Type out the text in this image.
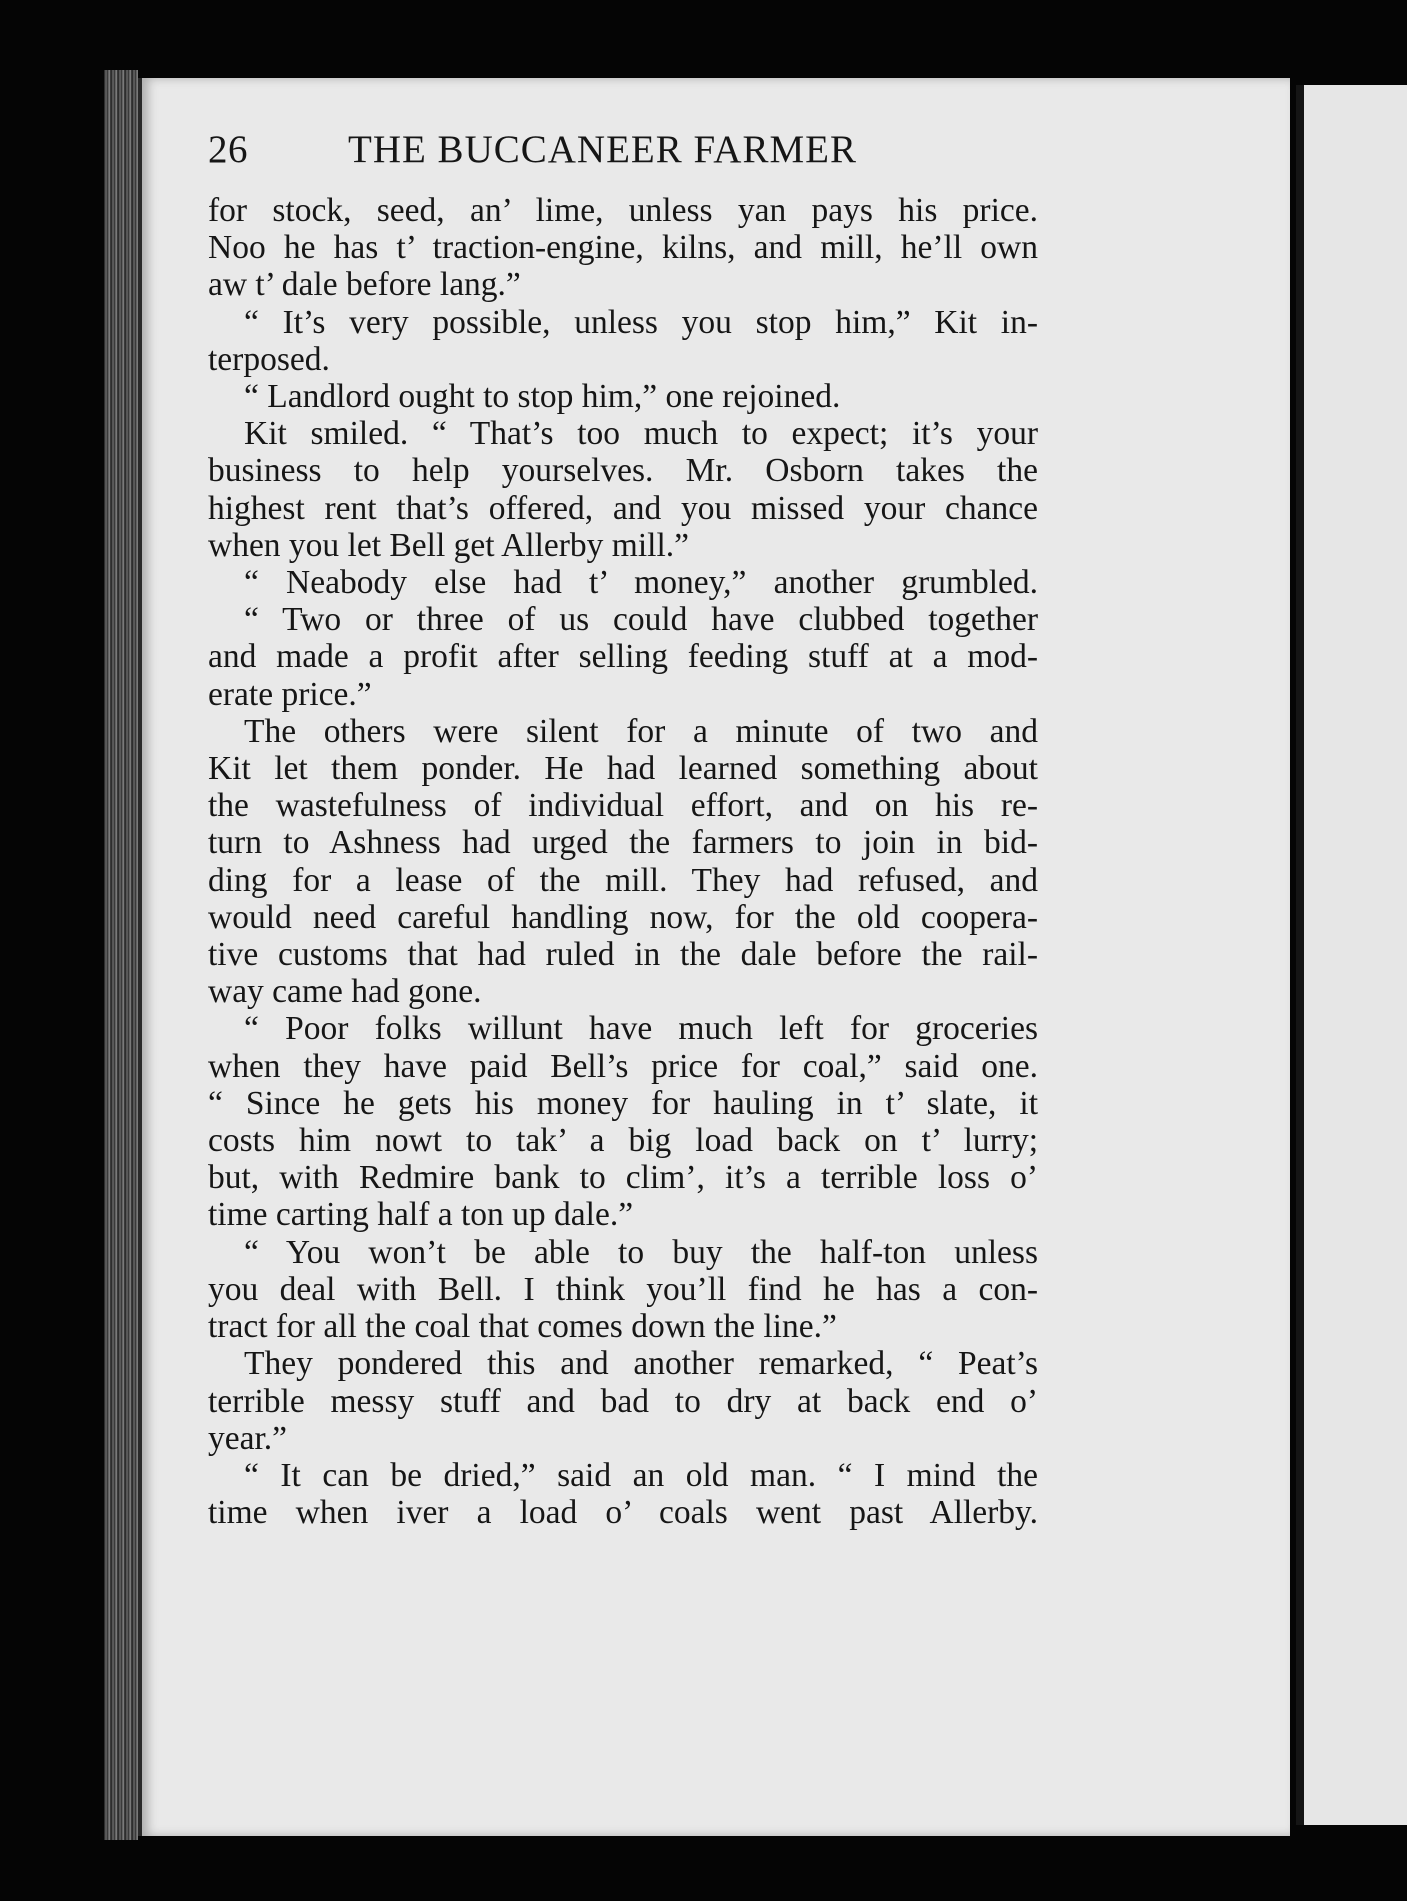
26	THE BUCCANEER FARMER
for stock, seed, an’ lime, unless yan pays his price.
Noo he has t’ traction-engine, kilns, and mill, he’ll own
aw t’ dale before lang.”
“ It’s very possible, unless you stop him,” Kit in-
terposed.
“ Landlord ought to stop him,” one rejoined.
Kit smiled. “ That’s too much to expect; it’s your
business to help yourselves. Mr. Osborn takes the
highest rent that’s offered, and you missed your chance
when you let Bell get Allerby mill.”
“ Neabody else had t’ money,” another grumbled.
“ Two or three of us could have clubbed together
and made a profit after selling feeding stuff at a mod-
erate price.”
The others were silent for a minute of two and
Kit let them ponder. He had learned something about
the wastefulness of individual effort, and on his re-
turn to Ashness had urged the farmers to join in bid-
ding for a lease of the mill. They had refused, and
would need careful handling now, for the old coopera-
tive customs that had ruled in the dale before the rail-
way came had gone.
“ Poor folks willunt have much left for groceries
when they have paid Bell’s price for coal,” said one.
“ Since he gets his money for hauling in t’ slate, it
costs him nowt to tak’ a big load back on t’ lurry;
but, with Redmire bank to clim’, it’s a terrible loss o’
time carting half a ton up dale.”
“ You won’t be able to buy the half-ton unless
you deal with Bell. I think you’ll find he has a con-
tract for all the coal that comes down the line.”
They pondered this and another remarked, “ Peat’s
terrible messy stuff and bad to dry at back end o’
year.”
“ It can be dried,” said an old man. “ I mind the
time when iver a load o’ coals went past Allerby.
